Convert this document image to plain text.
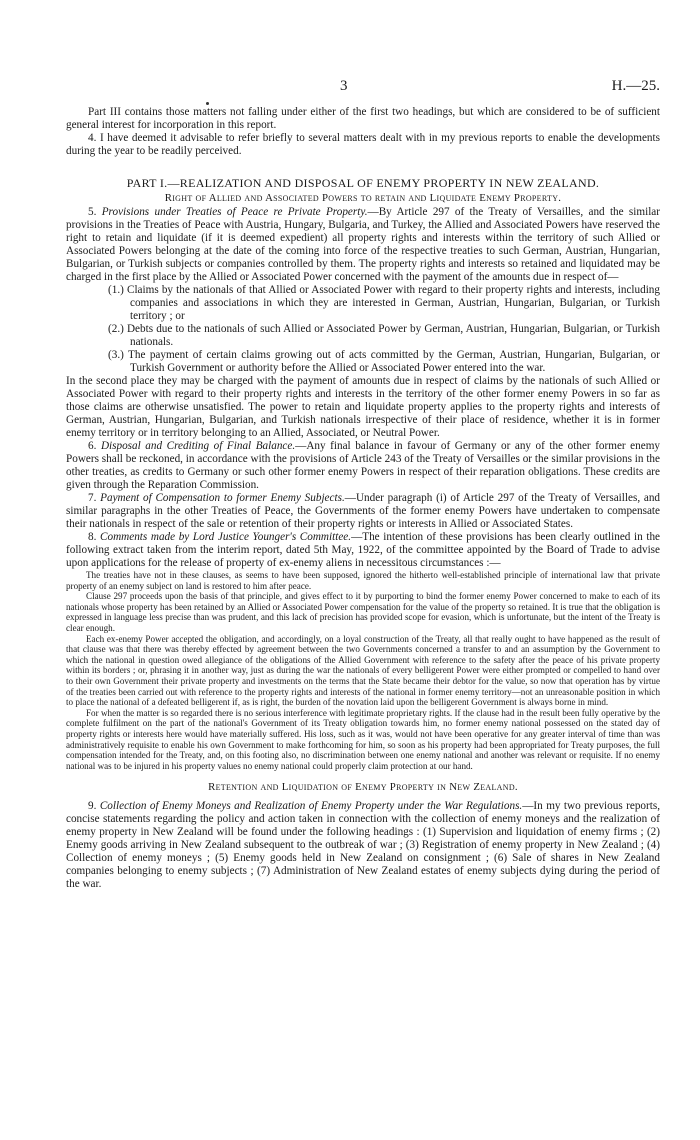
3	H.—25.

Part III contains those matters not falling under either of the first two headings, but which are considered to be of sufficient general interest for incorporation in this report.

4. I have deemed it advisable to refer briefly to several matters dealt with in my previous reports to enable the developments during the year to be readily perceived.

PART I.—REALIZATION AND DISPOSAL OF ENEMY PROPERTY IN NEW ZEALAND.

Right of Allied and Associated Powers to retain and Liquidate Enemy Property.

5. Provisions under Treaties of Peace re Private Property.—By Article 297 of the Treaty of Versailles, and the similar provisions in the Treaties of Peace with Austria, Hungary, Bulgaria, and Turkey, the Allied and Associated Powers have reserved the right to retain and liquidate (if it is deemed expedient) all property rights and interests within the territory of such Allied or Associated Powers belonging at the date of the coming into force of the respective treaties to such German, Austrian, Hungarian, Bulgarian, or Turkish subjects or companies controlled by them. The property rights and interests so retained and liquidated may be charged in the first place by the Allied or Associated Power concerned with the payment of the amounts due in respect of—

(1.) Claims by the nationals of that Allied or Associated Power with regard to their property rights and interests, including companies and associations in which they are interested in German, Austrian, Hungarian, Bulgarian, or Turkish territory ; or

(2.) Debts due to the nationals of such Allied or Associated Power by German, Austrian, Hungarian, Bulgarian, or Turkish nationals.

(3.) The payment of certain claims growing out of acts committed by the German, Austrian, Hungarian, Bulgarian, or Turkish Government or authority before the Allied or Associated Power entered into the war.

In the second place they may be charged with the payment of amounts due in respect of claims by the nationals of such Allied or Associated Power with regard to their property rights and interests in the territory of the other former enemy Powers in so far as those claims are otherwise unsatisfied. The power to retain and liquidate property applies to the property rights and interests of German, Austrian, Hungarian, Bulgarian, and Turkish nationals irrespective of their place of residence, whether it is in former enemy territory or in territory belonging to an Allied, Associated, or Neutral Power.

6. Disposal and Crediting of Final Balance.—Any final balance in favour of Germany or any of the other former enemy Powers shall be reckoned, in accordance with the provisions of Article 243 of the Treaty of Versailles or the similar provisions in the other treaties, as credits to Germany or such other former enemy Powers in respect of their reparation obligations. These credits are given through the Reparation Commission.

7. Payment of Compensation to former Enemy Subjects.—Under paragraph (i) of Article 297 of the Treaty of Versailles, and similar paragraphs in the other Treaties of Peace, the Governments of the former enemy Powers have undertaken to compensate their nationals in respect of the sale or retention of their property rights or interests in Allied or Associated States.

8. Comments made by Lord Justice Younger's Committee.—The intention of these provisions has been clearly outlined in the following extract taken from the interim report, dated 5th May, 1922, of the committee appointed by the Board of Trade to advise upon applications for the release of property of ex-enemy aliens in necessitous circumstances :—

The treaties have not in these clauses, as seems to have been supposed, ignored the hitherto well-established principle of international law that private property of an enemy subject on land is restored to him after peace.

Clause 297 proceeds upon the basis of that principle, and gives effect to it by purporting to bind the former enemy Power concerned to make to each of its nationals whose property has been retained by an Allied or Associated Power compensation for the value of the property so retained. It is true that the obligation is expressed in language less precise than was prudent, and this lack of precision has provided scope for evasion, which is unfortunate, but the intent of the Treaty is clear enough.

Each ex-enemy Power accepted the obligation, and accordingly, on a loyal construction of the Treaty, all that really ought to have happened as the result of that clause was that there was thereby effected by agreement between the two Governments concerned a transfer to and an assumption by the Government to which the national in question owed allegiance of the obligations of the Allied Government with reference to the safety after the peace of his private property within its borders ; or, phrasing it in another way, just as during the war the nationals of every belligerent Power were either prompted or compelled to hand over to their own Government their private property and investments on the terms that the State became their debtor for the value, so now that operation has by virtue of the treaties been carried out with reference to the property rights and interests of the national in former enemy territory—not an unreasonable position in which to place the national of a defeated belligerent if, as is right, the burden of the novation laid upon the belligerent Government is always borne in mind.

For when the matter is so regarded there is no serious interference with legitimate proprietary rights. If the clause had in the result been fully operative by the complete fulfilment on the part of the national's Government of its Treaty obligation towards him, no former enemy national possessed on the stated day of property rights or interests here would have materially suffered. His loss, such as it was, would not have been operative for any greater interval of time than was administratively requisite to enable his own Government to make forthcoming for him, so soon as his property had been appropriated for Treaty purposes, the full compensation intended for the Treaty, and, on this footing also, no discrimination between one enemy national and another was relevant or requisite. If no enemy national was to be injured in his property values no enemy national could properly claim protection at our hand.

Retention and Liquidation of Enemy Property in New Zealand.

9. Collection of Enemy Moneys and Realization of Enemy Property under the War Regulations.—In my two previous reports, concise statements regarding the policy and action taken in connection with the collection of enemy moneys and the realization of enemy property in New Zealand will be found under the following headings : (1) Supervision and liquidation of enemy firms ; (2) Enemy goods arriving in New Zealand subsequent to the outbreak of war ; (3) Registration of enemy property in New Zealand ; (4) Collection of enemy moneys ; (5) Enemy goods held in New Zealand on consignment ; (6) Sale of shares in New Zealand companies belonging to enemy subjects ; (7) Administration of New Zealand estates of enemy subjects dying during the period of the war.
